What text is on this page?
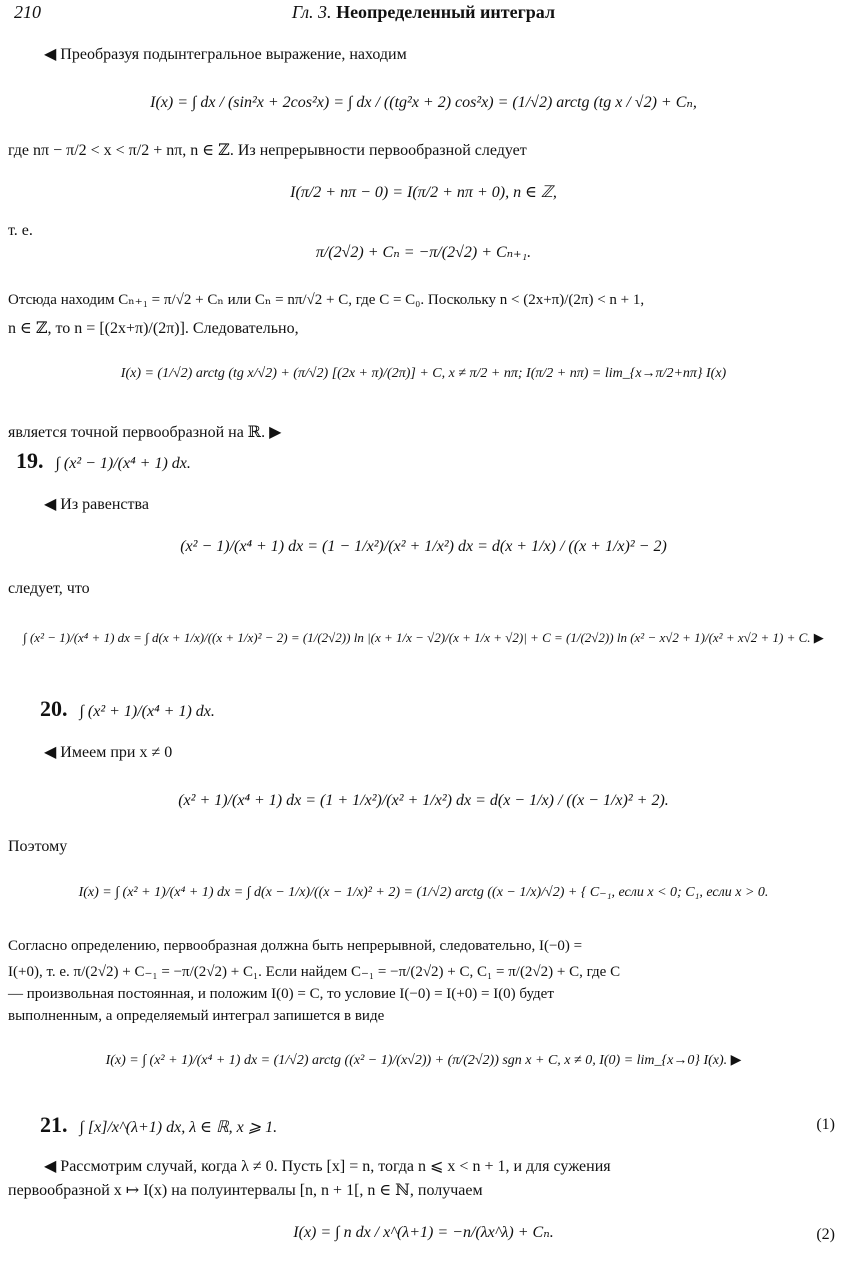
210	Гл. 3. Неопределенный интеграл
◀ Преобразуя подынтегральное выражение, находим
I(x) = ∫ dx / (sin²x + 2cos²x) = ∫ dx / ((tg²x + 2) cos²x) = (1/√2) arctg (tg x / √2) + Cₙ,
где nπ − π/2 < x < π/2 + nπ, n ∈ ℤ. Из непрерывности первообразной следует
I(π/2 + nπ − 0) = I(π/2 + nπ + 0), n ∈ ℤ,
т. е.
π/(2√2) + Cₙ = −π/(2√2) + Cₙ₊₁.
Отсюда находим Cₙ₊₁ = π/√2 + Cₙ или Cₙ = nπ/√2 + C, где C = C₀. Поскольку n < (2x+π)/(2π) < n + 1,
n ∈ ℤ, то n = [(2x+π)/(2π)]. Следовательно,
I(x) = (1/√2) arctg (tg x/√2) + (π/√2) [(2x + π)/(2π)] + C, x ≠ π/2 + nπ; I(π/2 + nπ) = lim_{x→π/2+nπ} I(x)
является точной первообразной на ℝ. ▶
19. ∫ (x² − 1)/(x⁴ + 1) dx.
◀ Из равенства
(x² − 1)/(x⁴ + 1) dx = (1 − 1/x²)/(x² + 1/x²) dx = d(x + 1/x) / ((x + 1/x)² − 2)
следует, что
∫ (x² − 1)/(x⁴ + 1) dx = ∫ d(x + 1/x)/((x + 1/x)² − 2) = (1/(2√2)) ln |(x + 1/x − √2)/(x + 1/x + √2)| + C = (1/(2√2)) ln (x² − x√2 + 1)/(x² + x√2 + 1) + C. ▶
20. ∫ (x² + 1)/(x⁴ + 1) dx.
◀ Имеем при x ≠ 0
(x² + 1)/(x⁴ + 1) dx = (1 + 1/x²)/(x² + 1/x²) dx = d(x − 1/x) / ((x − 1/x)² + 2).
Поэтому
I(x) = ∫ (x² + 1)/(x⁴ + 1) dx = ∫ d(x − 1/x)/((x − 1/x)² + 2) = (1/√2) arctg ((x − 1/x)/√2) + { C₋₁, если x < 0; C₁, если x > 0.
Согласно определению, первообразная должна быть непрерывной, следовательно, I(−0) =
I(+0), т. е. π/(2√2) + C₋₁ = −π/(2√2) + C₁. Если найдем C₋₁ = −π/(2√2) + C, C₁ = π/(2√2) + C, где C
— произвольная постоянная, и положим I(0) = C, то условие I(−0) = I(+0) = I(0) будет
выполненным, а определяемый интеграл запишется в виде
I(x) = ∫ (x² + 1)/(x⁴ + 1) dx = (1/√2) arctg ((x² − 1)/(x√2)) + (π/(2√2)) sgn x + C, x ≠ 0, I(0) = lim_{x→0} I(x). ▶
21. ∫ [x]/x^(λ+1) dx, λ ∈ ℝ, x ⩾ 1.	(1)
◀ Рассмотрим случай, когда λ ≠ 0. Пусть [x] = n, тогда n ⩽ x < n + 1, и для сужения
первообразной x ↦ I(x) на полуинтервалы [n, n + 1[, n ∈ ℕ, получаем
I(x) = ∫ n dx / x^(λ+1) = −n/(λx^λ) + Cₙ.	(2)
